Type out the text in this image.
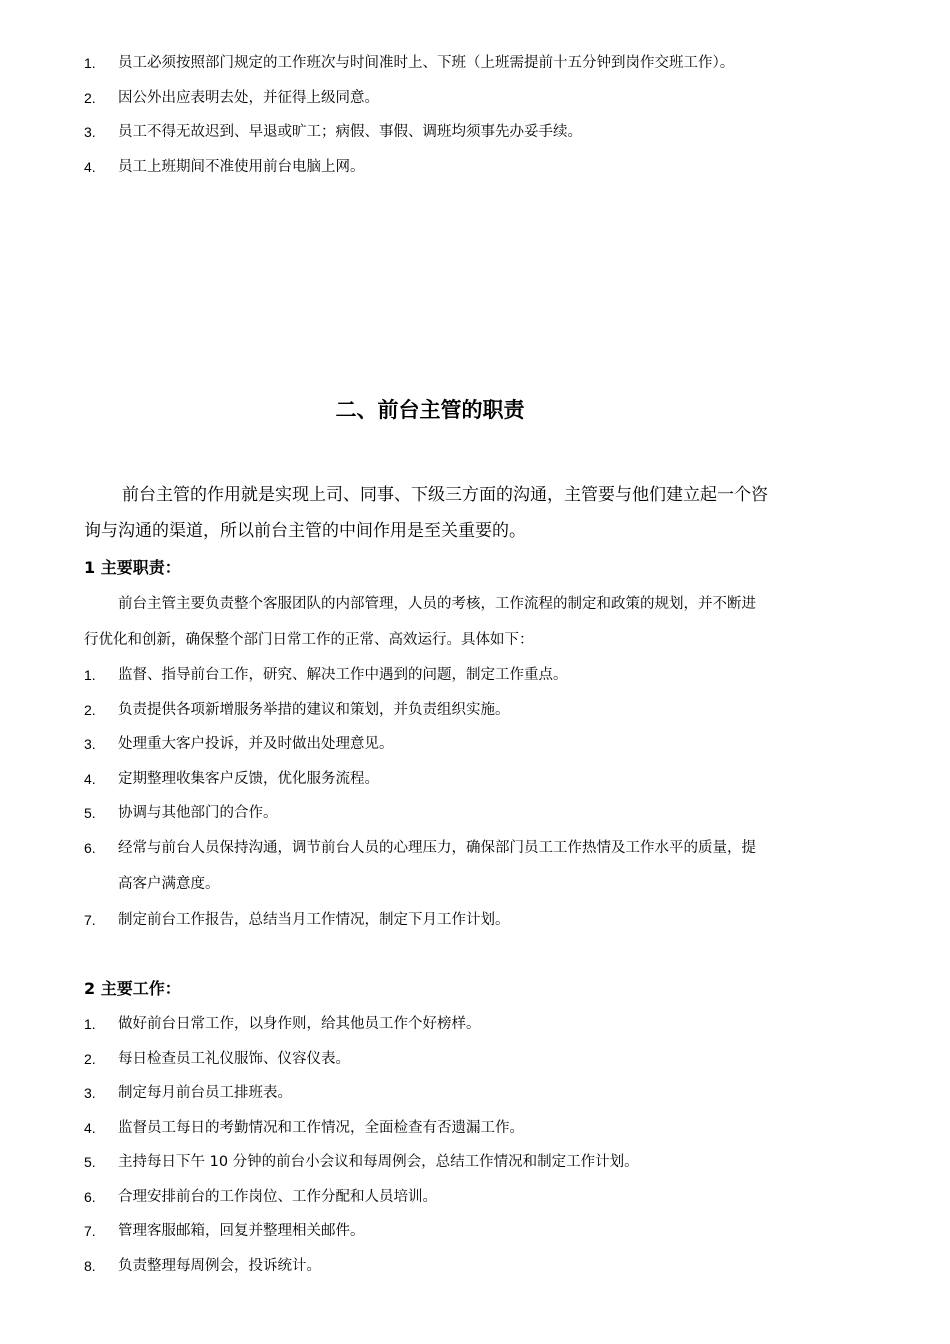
1.	员工必须按照部门规定的工作班次与时间准时上、下班（上班需提前十五分钟到岗作交班工作）。
2.	因公外出应表明去处，并征得上级同意。
3.	员工不得无故迟到、早退或旷工；病假、事假、调班均须事先办妥手续。
4.	员工上班期间不准使用前台电脑上网。
二、前台主管的职责
前台主管的作用就是实现上司、同事、下级三方面的沟通，主管要与他们建立起一个咨
询与沟通的渠道，所以前台主管的中间作用是至关重要的。
1 主要职责：
前台主管主要负责整个客服团队的内部管理，人员的考核，工作流程的制定和政策的规划，并不断进
行优化和创新，确保整个部门日常工作的正常、高效运行。具体如下：
1.	监督、指导前台工作，研究、解决工作中遇到的问题，制定工作重点。
2.	负责提供各项新增服务举措的建议和策划，并负责组织实施。
3.	处理重大客户投诉，并及时做出处理意见。
4.	定期整理收集客户反馈，优化服务流程。
5.	协调与其他部门的合作。
6.	经常与前台人员保持沟通，调节前台人员的心理压力，确保部门员工工作热情及工作水平的质量，提
高客户满意度。
7.	制定前台工作报告，总结当月工作情况，制定下月工作计划。
2 主要工作：
1.	做好前台日常工作，以身作则，给其他员工作个好榜样。
2.	每日检查员工礼仪服饰、仪容仪表。
3.	制定每月前台员工排班表。
4.	监督员工每日的考勤情况和工作情况，全面检查有否遗漏工作。
5.	主持每日下午 10 分钟的前台小会议和每周例会，总结工作情况和制定工作计划。
6.	合理安排前台的工作岗位、工作分配和人员培训。
7.	管理客服邮箱，回复并整理相关邮件。
8.	负责整理每周例会，投诉统计。
